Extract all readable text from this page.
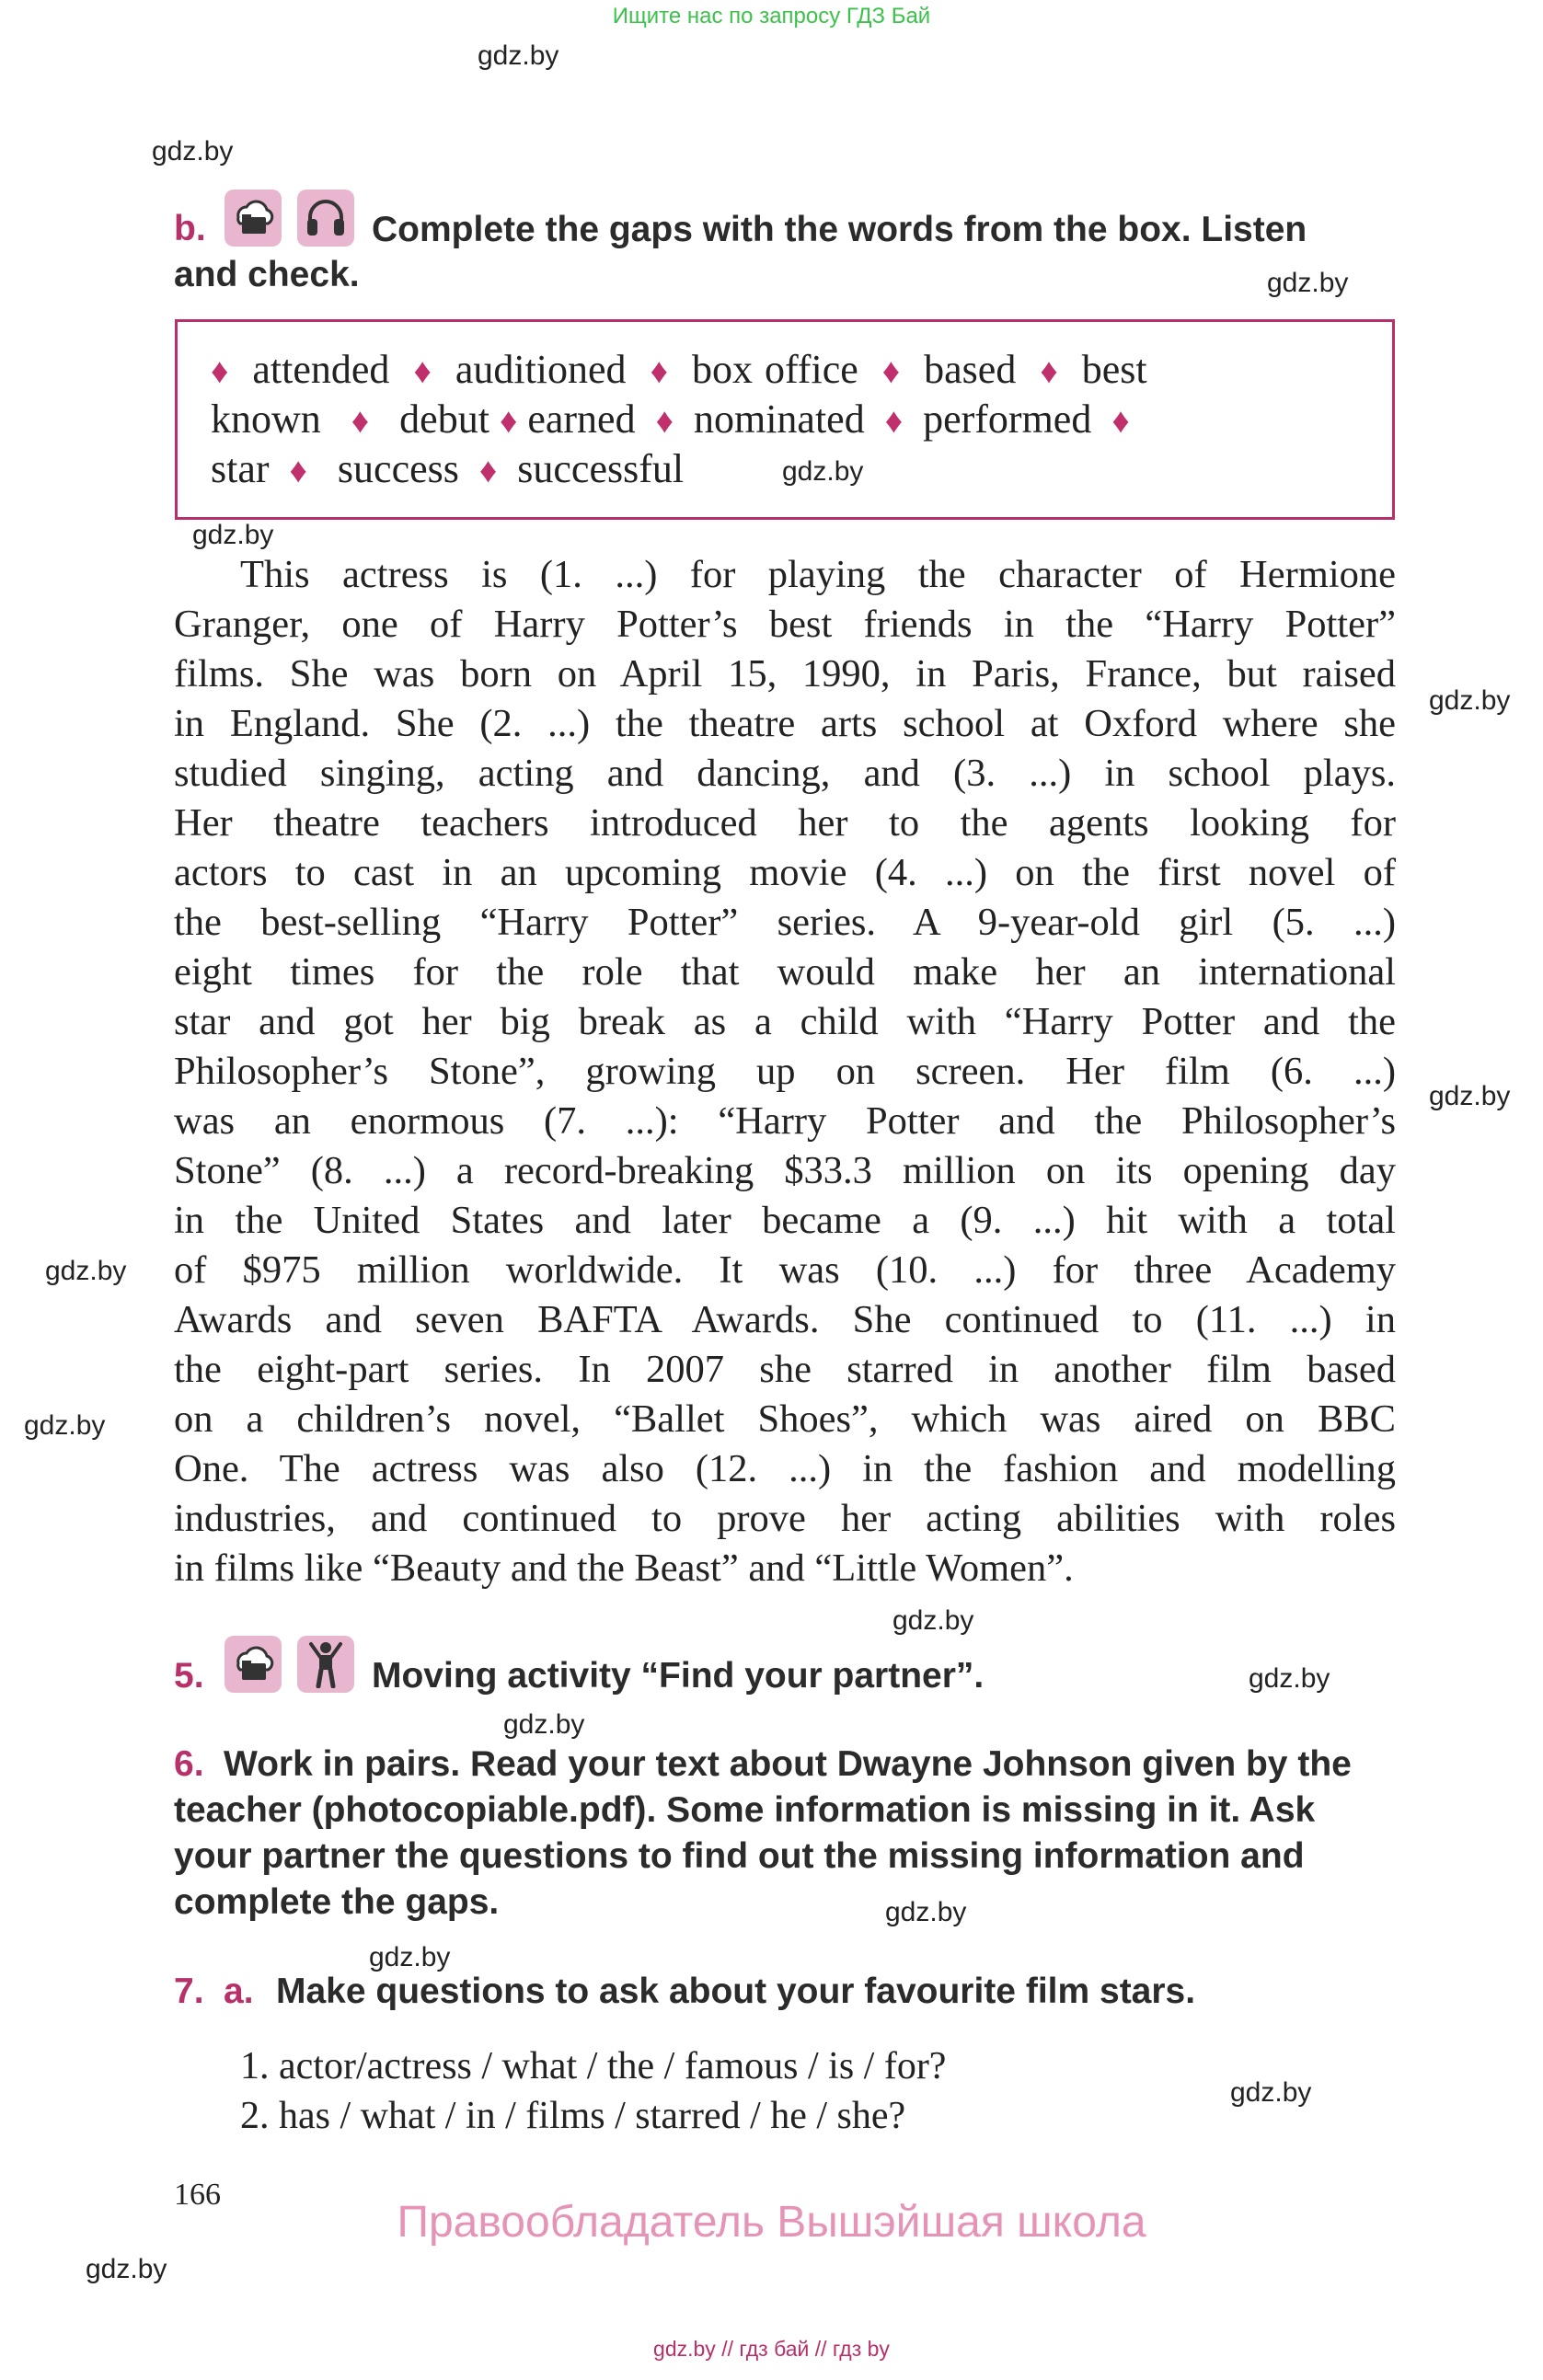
Ищите нас по запросу ГДЗ Бай
gdz.by
gdz.by
gdz.by
gdz.by
gdz.by
gdz.by
gdz.by
gdz.by
gdz.by
gdz.by
gdz.by
gdz.by
gdz.by
gdz.by
gdz.by
gdz.by
b.	Complete the gaps with the words from the box. Listen
and check.
♦ attended ♦ auditioned ♦ box office ♦ based ♦ best
known ♦ debut ♦ earned ♦ nominated ♦ performed ♦
star ♦ success ♦ successful
This actress is (1. ...) for playing the character of Hermione
Granger, one of Harry Potter’s best friends in the “Harry Potter”
films. She was born on April 15, 1990, in Paris, France, but raised
in England. She (2. ...) the theatre arts school at Oxford where she
studied singing, acting and dancing, and (3. ...) in school plays.
Her theatre teachers introduced her to the agents looking for
actors to cast in an upcoming movie (4. ...) on the first novel of
the best-selling “Harry Potter” series. A 9-year-old girl (5. ...)
eight times for the role that would make her an international
star and got her big break as a child with “Harry Potter and the
Philosopher’s Stone”, growing up on screen. Her film (6. ...)
was an enormous (7. ...): “Harry Potter and the Philosopher’s
Stone” (8. ...) a record-breaking $33.3 million on its opening day
in the United States and later became a (9. ...) hit with a total
of $975 million worldwide. It was (10. ...) for three Academy
Awards and seven BAFTA Awards. She continued to (11. ...) in
the eight-part series. In 2007 she starred in another film based
on a children’s novel, “Ballet Shoes”, which was aired on BBC
One. The actress was also (12. ...) in the fashion and modelling
industries, and continued to prove her acting abilities with roles
in films like “Beauty and the Beast” and “Little Women”.
5.	Moving activity “Find your partner”.
6. Work in pairs. Read your text about Dwayne Johnson given by the
teacher (photocopiable.pdf). Some information is missing in it. Ask
your partner the questions to find out the missing information and
complete the gaps.
7. a. Make questions to ask about your favourite film stars.
1. actor/actress / what / the / famous / is / for?
2. has / what / in / films / starred / he / she?
166
Правообладатель Вышэйшая школа
gdz.by // гдз бай // гдз by
